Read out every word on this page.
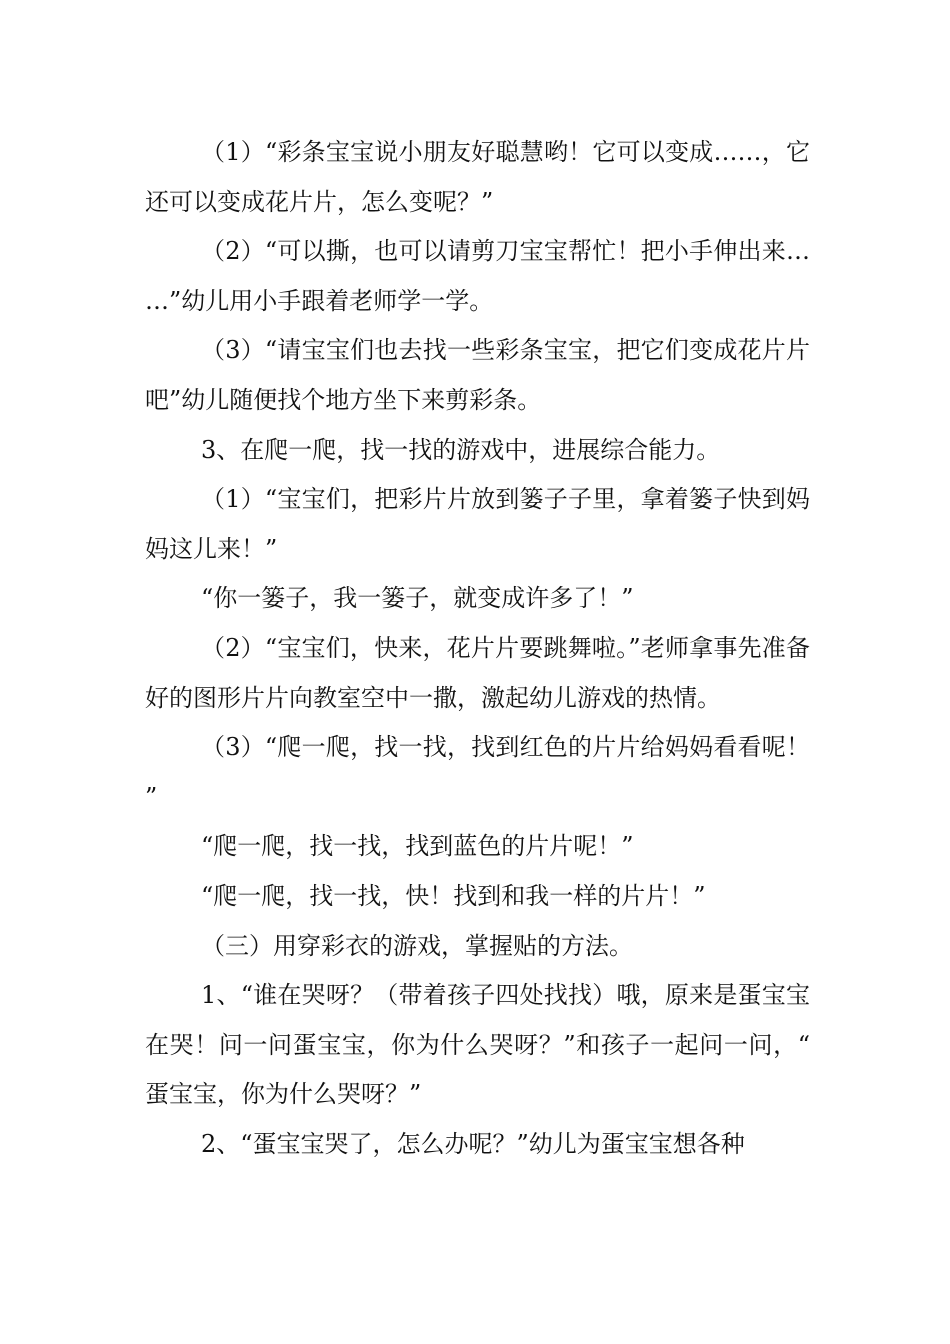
（1）“彩条宝宝说小朋友好聪慧哟！它可以变成……，它还可以变成花片片，怎么变呢？”

（2）“可以撕，也可以请剪刀宝宝帮忙！把小手伸出来……”幼儿用小手跟着老师学一学。

（3）“请宝宝们也去找一些彩条宝宝，把它们变成花片片吧”幼儿随便找个地方坐下来剪彩条。

3、在爬一爬，找一找的游戏中，进展综合能力。

（1）“宝宝们，把彩片片放到篓子子里，拿着篓子快到妈妈这儿来！”

“你一篓子，我一篓子，就变成许多了！”

（2）“宝宝们，快来，花片片要跳舞啦。”老师拿事先准备好的图形片片向教室空中一撒，激起幼儿游戏的热情。

（3）“爬一爬，找一找，找到红色的片片给妈妈看看呢！”

“爬一爬，找一找，找到蓝色的片片呢！”

“爬一爬，找一找，快！找到和我一样的片片！”

（三）用穿彩衣的游戏，掌握贴的方法。

1、“谁在哭呀？（带着孩子四处找找）哦，原来是蛋宝宝在哭！问一问蛋宝宝，你为什么哭呀？”和孩子一起问一问，“蛋宝宝，你为什么哭呀？”

2、“蛋宝宝哭了，怎么办呢？”幼儿为蛋宝宝想各种
